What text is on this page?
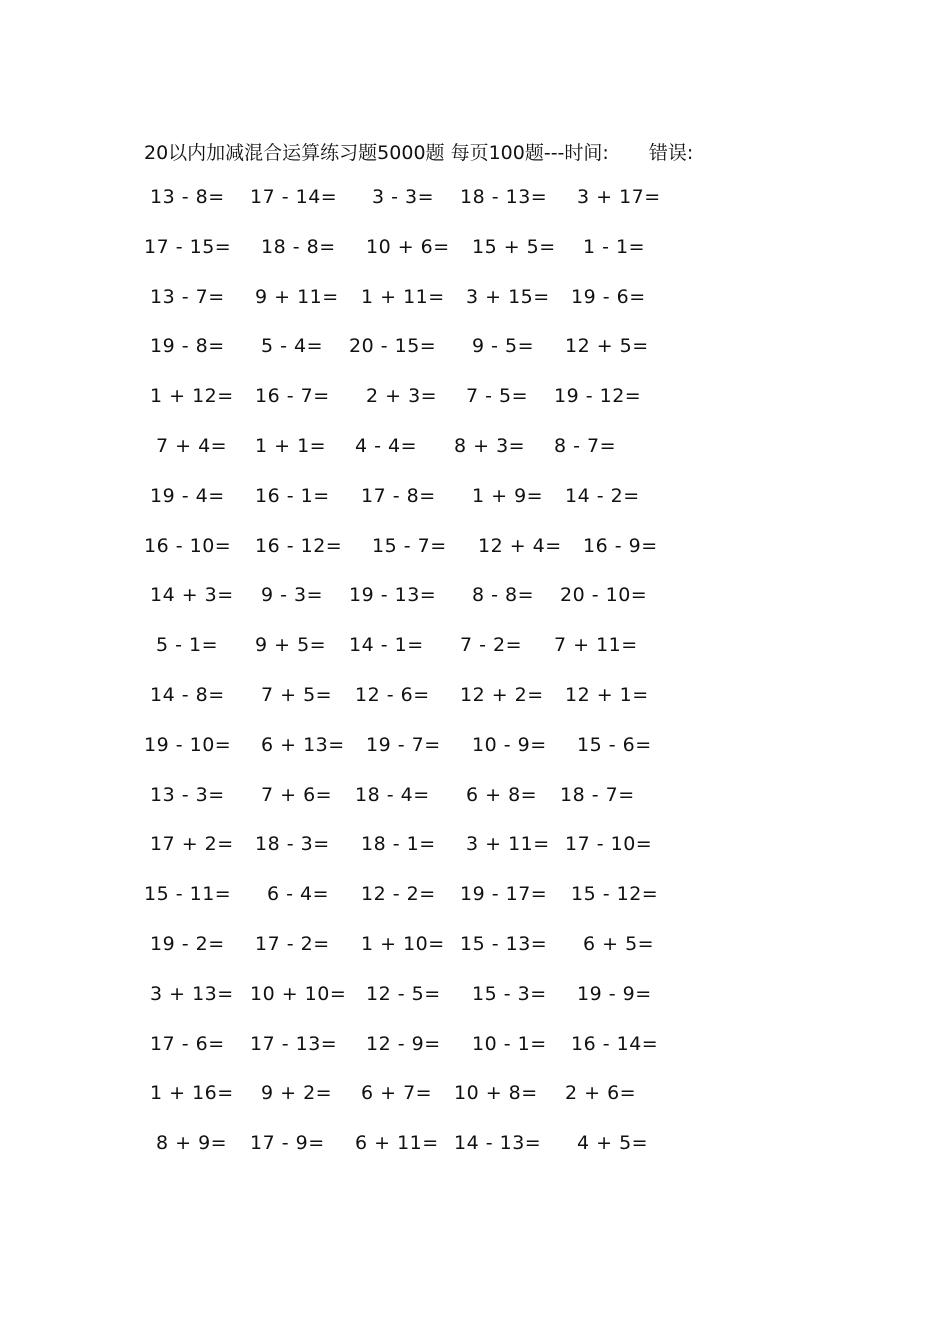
20以内加减混合运算练习题5000题 每页100题---时间: 错误:
13 - 8= 17 - 14= 3 - 3= 18 - 13= 3 + 17=
17 - 15= 18 - 8= 10 + 6= 15 + 5= 1 - 1=
13 - 7= 9 + 11= 1 + 11= 3 + 15= 19 - 6=
19 - 8= 5 - 4= 20 - 15= 9 - 5= 12 + 5=
1 + 12= 16 - 7= 2 + 3= 7 - 5= 19 - 12=
7 + 4= 1 + 1= 4 - 4= 8 + 3= 8 - 7=
19 - 4= 16 - 1= 17 - 8= 1 + 9= 14 - 2=
16 - 10= 16 - 12= 15 - 7= 12 + 4= 16 - 9=
14 + 3= 9 - 3= 19 - 13= 8 - 8= 20 - 10=
5 - 1= 9 + 5= 14 - 1= 7 - 2= 7 + 11=
14 - 8= 7 + 5= 12 - 6= 12 + 2= 12 + 1=
19 - 10= 6 + 13= 19 - 7= 10 - 9= 15 - 6=
13 - 3= 7 + 6= 18 - 4= 6 + 8= 18 - 7=
17 + 2= 18 - 3= 18 - 1= 3 + 11= 17 - 10=
15 - 11= 6 - 4= 12 - 2= 19 - 17= 15 - 12=
19 - 2= 17 - 2= 1 + 10= 15 - 13= 6 + 5=
3 + 13= 10 + 10= 12 - 5= 15 - 3= 19 - 9=
17 - 6= 17 - 13= 12 - 9= 10 - 1= 16 - 14=
1 + 16= 9 + 2= 6 + 7= 10 + 8= 2 + 6=
8 + 9= 17 - 9= 6 + 11= 14 - 13= 4 + 5=
